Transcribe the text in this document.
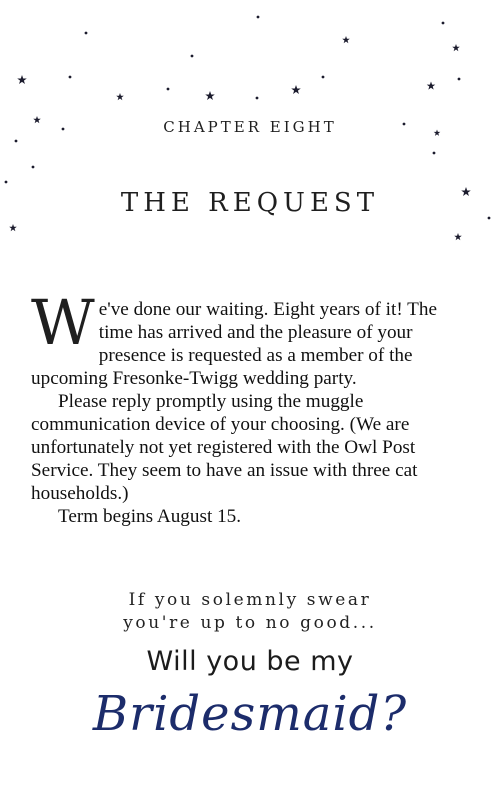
CHAPTER EIGHT
THE REQUEST

We've done our waiting. Eight years of it! The time has arrived and the pleasure of your presence is requested as a member of the upcoming Fresonke-Twigg wedding party.

Please reply promptly using the muggle communication device of your choosing. (We are unfortunately not yet registered with the Owl Post Service. They seem to have an issue with three cat households.)

Term begins August 15.

If you solemnly swear
you're up to no good...
Will you be my
Bridesmaid?
